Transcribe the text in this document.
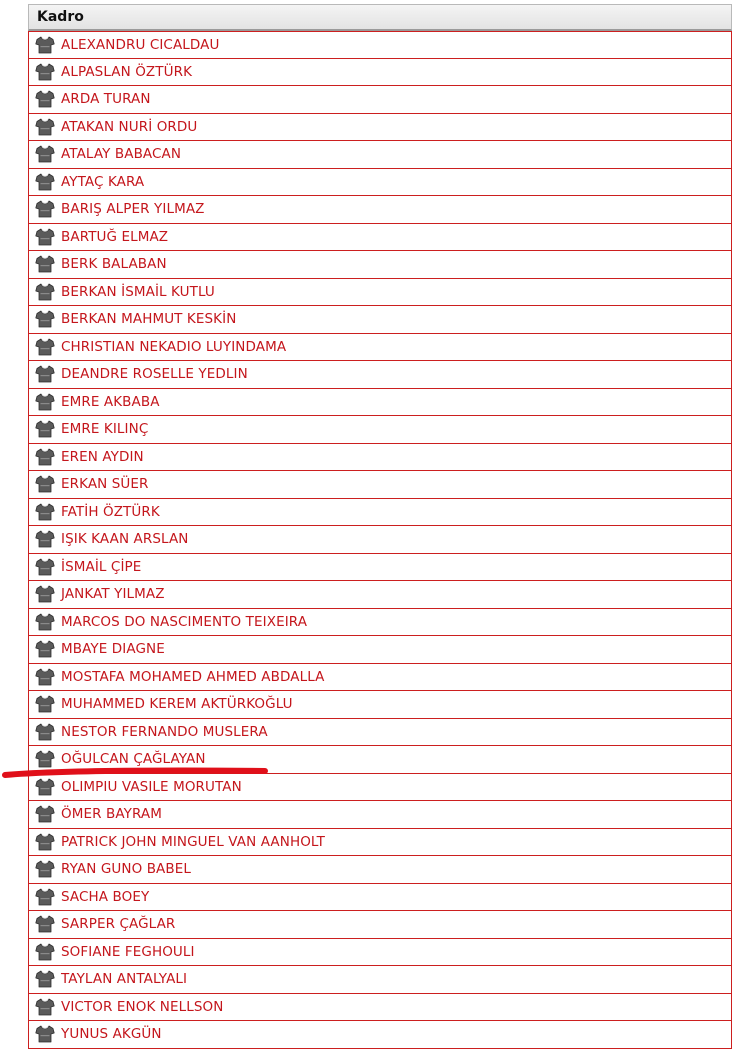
Kadro
ALEXANDRU CICALDAU
ALPASLAN ÖZTÜRK
ARDA TURAN
ATAKAN NURİ ORDU
ATALAY BABACAN
AYTAÇ KARA
BARIŞ ALPER YILMAZ
BARTUĞ ELMAZ
BERK BALABAN
BERKAN İSMAİL KUTLU
BERKAN MAHMUT KESKİN
CHRISTIAN NEKADIO LUYINDAMA
DEANDRE ROSELLE YEDLIN
EMRE AKBABA
EMRE KILINÇ
EREN AYDIN
ERKAN SÜER
FATİH ÖZTÜRK
IŞIK KAAN ARSLAN
İSMAİL ÇİPE
JANKAT YILMAZ
MARCOS DO NASCIMENTO TEIXEIRA
MBAYE DIAGNE
MOSTAFA MOHAMED AHMED ABDALLA
MUHAMMED KEREM AKTÜRKOĞLU
NESTOR FERNANDO MUSLERA
OĞULCAN ÇAĞLAYAN
OLIMPIU VASILE MORUTAN
ÖMER BAYRAM
PATRICK JOHN MINGUEL VAN AANHOLT
RYAN GUNO BABEL
SACHA BOEY
SARPER ÇAĞLAR
SOFIANE FEGHOULI
TAYLAN ANTALYALI
VICTOR ENOK NELLSON
YUNUS AKGÜN
